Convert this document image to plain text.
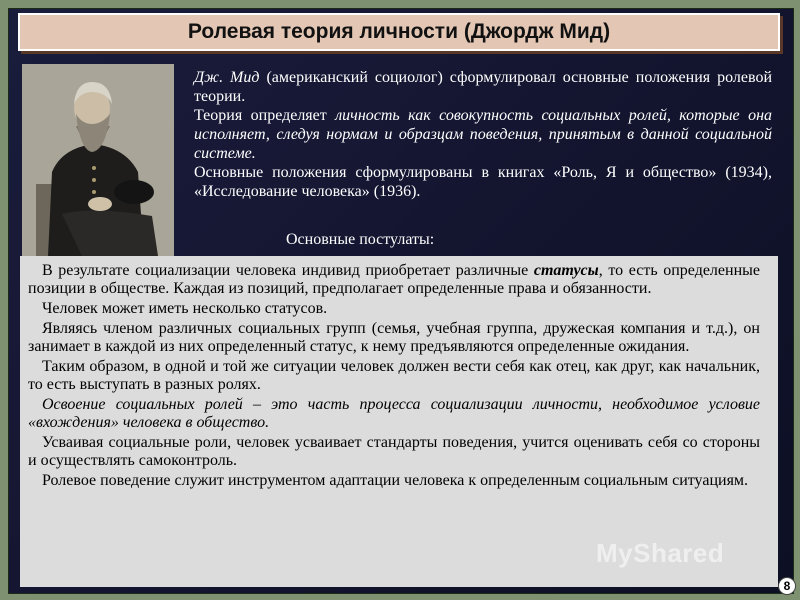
Ролевая теория личности (Джордж Мид)

Дж. Мид (американский социолог) сформулировал основные положения ролевой теории.

Теория определяет личность как совокупность социальных ролей, которые она исполняет, следуя нормам и образцам поведения, принятым в данной социальной системе.

Основные положения сформулированы в книгах «Роль, Я и общество» (1934), «Исследование человека» (1936).

Основные постулаты:

В результате социализации человека индивид приобретает различные статусы, то есть определенные позиции в обществе. Каждая из позиций, предполагает определенные права и обязанности.

Человек может иметь несколько статусов.

Являясь членом различных социальных групп (семья, учебная группа, дружеская компания и т.д.), он занимает в каждой из них определенный статус, к нему предъявляются определенные ожидания.

Таким образом, в одной и той же ситуации человек должен вести себя как отец, как друг, как начальник, то есть выступать в разных ролях.

Освоение социальных ролей – это часть процесса социализации личности, необходимое условие «вхождения» человека в общество.

Усваивая социальные роли, человек усваивает стандарты поведения, учится оценивать себя со стороны и осуществлять самоконтроль.

Ролевое поведение служит инструментом адаптации человека к определенным социальным ситуациям.

MyShared
8
